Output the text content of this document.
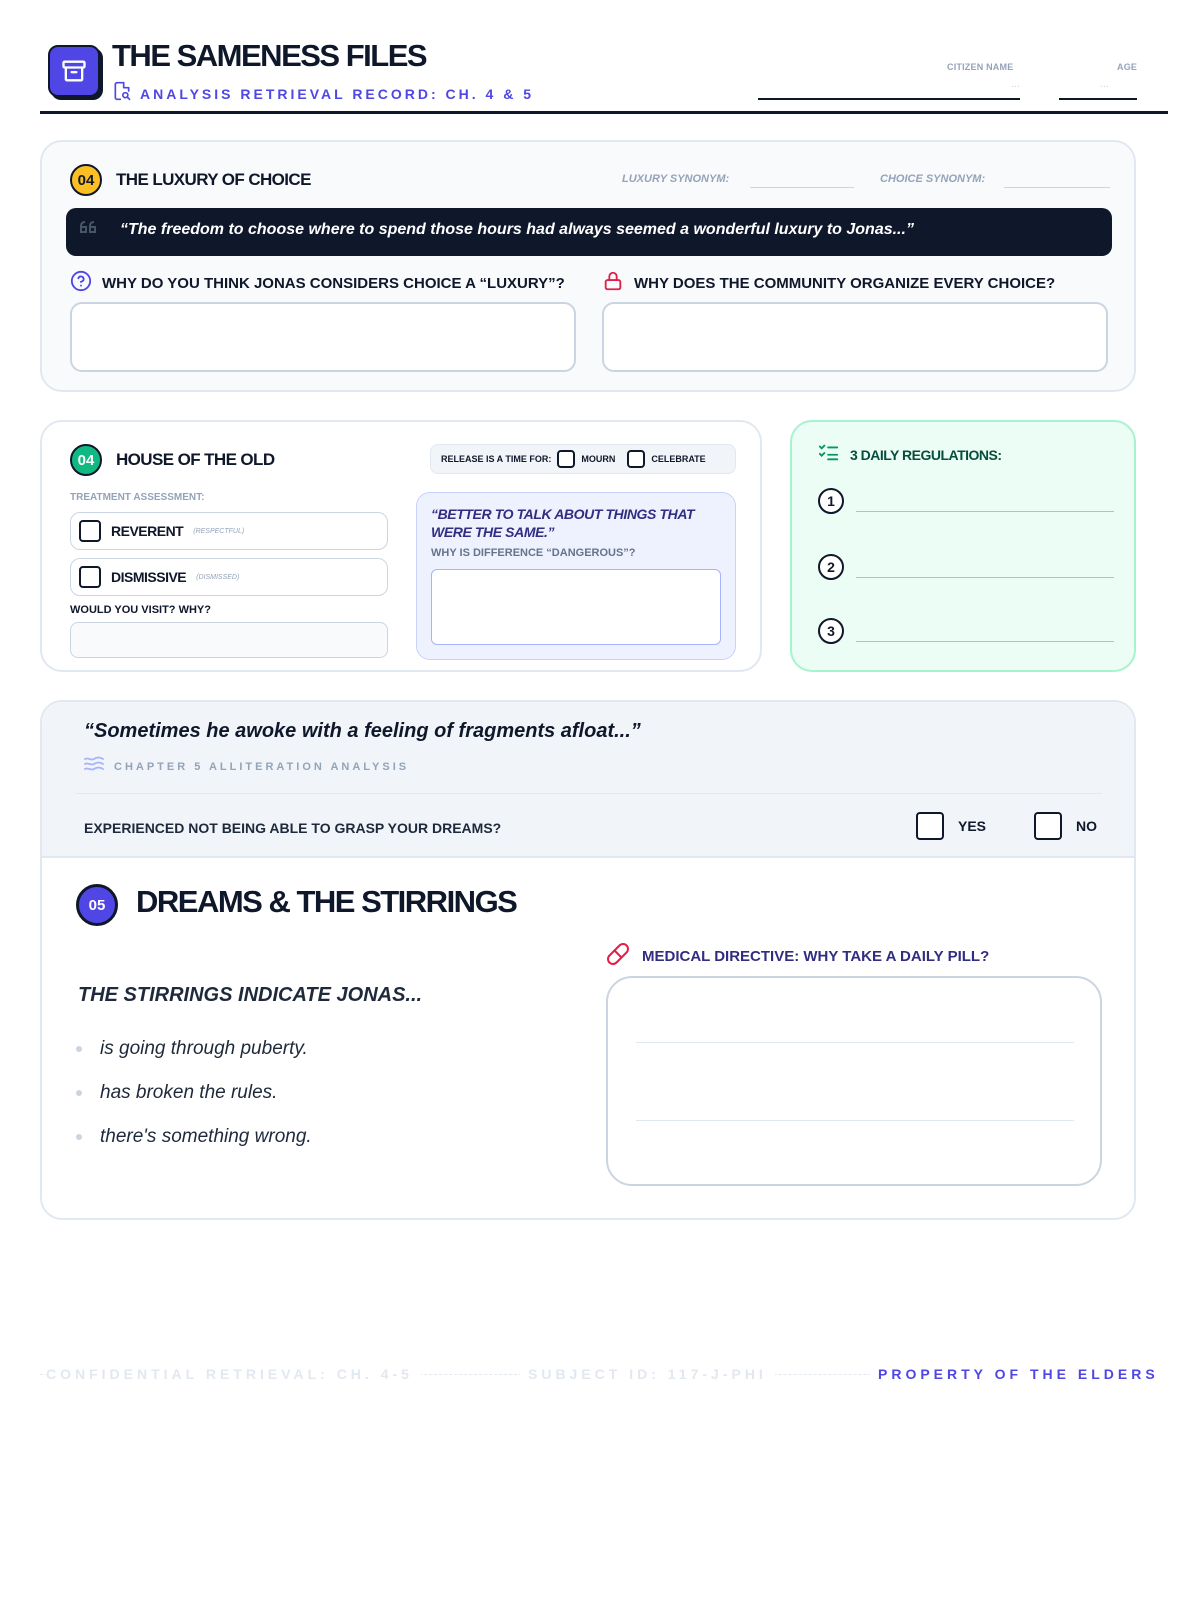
THE SAMENESS FILES
ANALYSIS RETRIEVAL RECORD: CH. 4 & 5
CITIZEN NAME
...
AGE
...
04	THE LUXURY OF CHOICE	LUXURY SYNONYM:	CHOICE SYNONYM:
“The freedom to choose where to spend those hours had always seemed a wonderful luxury to Jonas...”
WHY DO YOU THINK JONAS CONSIDERS CHOICE A “LUXURY”?	WHY DOES THE COMMUNITY ORGANIZE EVERY CHOICE?
04	HOUSE OF THE OLD	RELEASE IS A TIME FOR:	MOURN	CELEBRATE
TREATMENT ASSESSMENT:
REVERENT (RESPECTFUL)
DISMISSIVE (DISMISSED)
WOULD YOU VISIT? WHY?
“BETTER TO TALK ABOUT THINGS THAT WERE THE SAME.”
WHY IS DIFFERENCE “DANGEROUS”?
3 DAILY REGULATIONS:
1
2
3
“Sometimes he awoke with a feeling of fragments afloat...”
CHAPTER 5 ALLITERATION ANALYSIS
EXPERIENCED NOT BEING ABLE TO GRASP YOUR DREAMS?	YES	NO
05 DREAMS & THE STIRRINGS
THE STIRRINGS INDICATE JONAS...
is going through puberty.
has broken the rules.
there's something wrong.
MEDICAL DIRECTIVE: WHY TAKE A DAILY PILL?
CONFIDENTIAL RETRIEVAL: CH. 4-5	SUBJECT ID: 117-J-PHI	PROPERTY OF THE ELDERS
